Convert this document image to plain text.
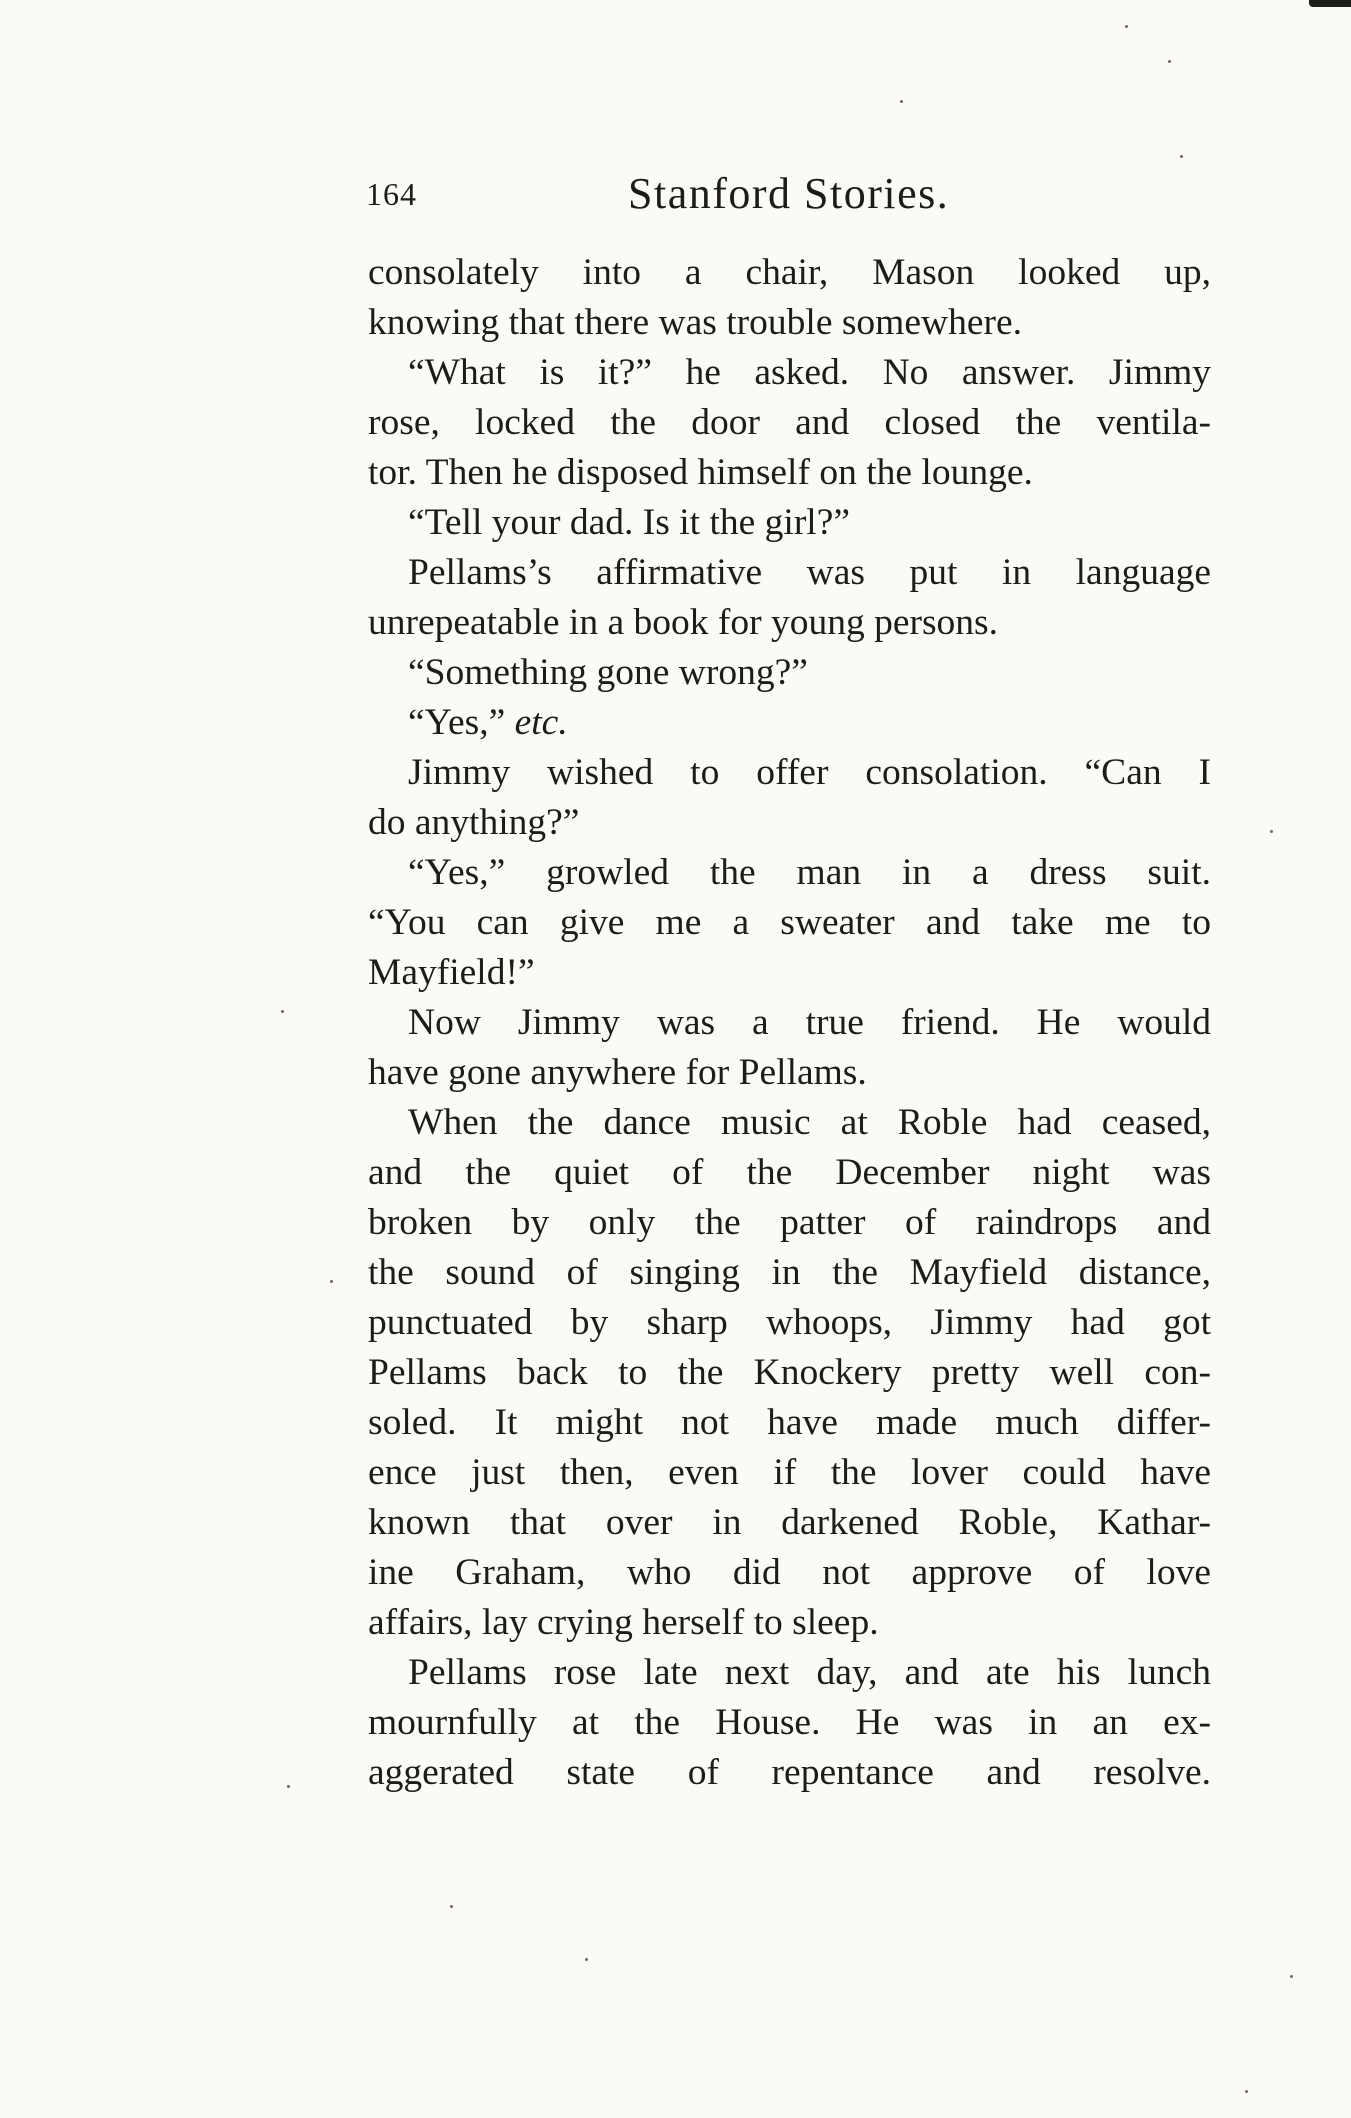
164	Stanford Stories.
consolately into a chair, Mason looked up,
knowing that there was trouble somewhere.
“What is it?” he asked. No answer. Jimmy
rose, locked the door and closed the ventila-
tor. Then he disposed himself on the lounge.
“Tell your dad. Is it the girl?”
Pellams’s affirmative was put in language
unrepeatable in a book for young persons.
“Something gone wrong?”
“Yes,” etc.
Jimmy wished to offer consolation. “Can I
do anything?”
“Yes,” growled the man in a dress suit.
“You can give me a sweater and take me to
Mayfield!”
Now Jimmy was a true friend. He would
have gone anywhere for Pellams.
When the dance music at Roble had ceased,
and the quiet of the December night was
broken by only the patter of raindrops and
the sound of singing in the Mayfield distance,
punctuated by sharp whoops, Jimmy had got
Pellams back to the Knockery pretty well con-
soled. It might not have made much differ-
ence just then, even if the lover could have
known that over in darkened Roble, Kathar-
ine Graham, who did not approve of love
affairs, lay crying herself to sleep.
Pellams rose late next day, and ate his lunch
mournfully at the House. He was in an ex-
aggerated state of repentance and resolve.
